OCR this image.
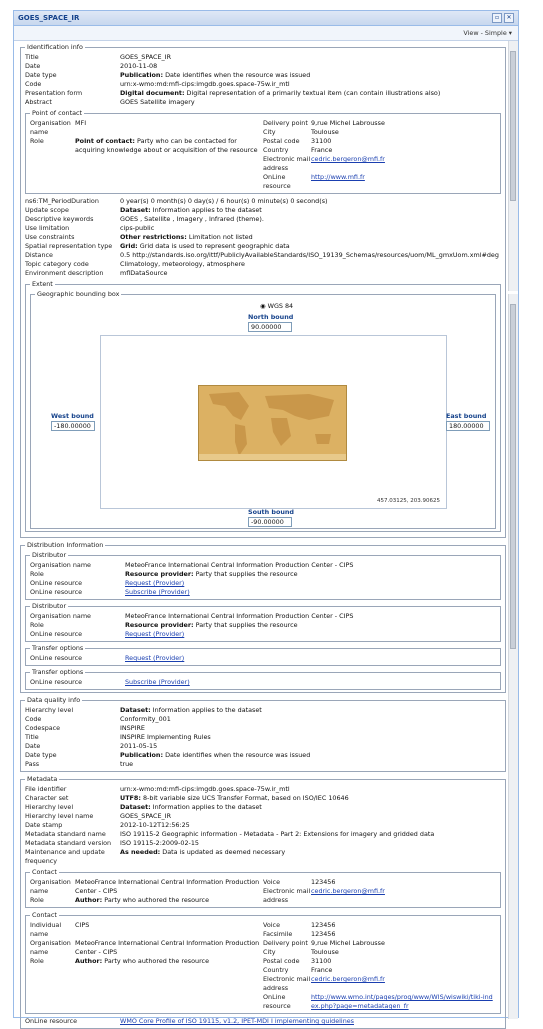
GOES_SPACE_IR	▫	✕
View - Simple ▾
Identification info
Title	GOES_SPACE_IR
Date	2010-11-08
Date type	Publication: Date identifies when the resource was issued
Code	urn:x-wmo:md:mfi-cips:imgdb.goes.space-75w.ir_mtl
Presentation form	Digital document: Digital representation of a primarily textual item (can contain illustrations also)
Abstract	GOES Satellite imagery
Point of contact
Organisation name	MFI
Role	Point of contact: Party who can be contacted for acquiring knowledge about or acquisition of the resource
Delivery point	9,rue Michel Labrousse
City	Toulouse
Postal code	31100
Country	France
Electronic mail address	cedric.bergeron@mfi.fr
OnLine resource	http://www.mfi.fr
ns6:TM_PeriodDuration	0 year(s) 0 month(s) 0 day(s) / 6 hour(s) 0 minute(s) 0 second(s)
Update scope	Dataset: Information applies to the dataset
Descriptive keywords	GOES , Satellite , Imagery , Infrared (theme).
Use limitation	cips-public
Use constraints	Other restrictions: Limitation not listed
Spatial representation type	Grid: Grid data is used to represent geographic data
Distance	0.5 http://standards.iso.org/ittf/PubliclyAvailableStandards/ISO_19139_Schemas/resources/uom/ML_gmxUom.xml#deg
Topic category code	Climatology, meteorology, atmosphere
Environment description	mflDataSource
Extent
Geographic bounding box
◉ WGS 84
North bound
90.00000
457.03125, 203.90625
West bound
-180.00000
East bound
180.00000
South bound
-90.00000
Distribution Information
Distributor
Organisation name	MeteoFrance International Central Information Production Center - CIPS
Role	Resource provider: Party that supplies the resource
OnLine resource	Request (Provider)
OnLine resource	Subscribe (Provider)
Distributor
Organisation name	MeteoFrance International Central Information Production Center - CIPS
Role	Resource provider: Party that supplies the resource
OnLine resource	Request (Provider)
Transfer options
OnLine resource	Request (Provider)
Transfer options
OnLine resource	Subscribe (Provider)
Data quality info
Hierarchy level	Dataset: Information applies to the dataset
Code	Conformity_001
Codespace	INSPIRE
Title	INSPIRE Implementing Rules
Date	2011-05-15
Date type	Publication: Date identifies when the resource was issued
Pass	true
Metadata
File identifier	urn:x-wmo:md:mfi-cips:imgdb.goes.space-75w.ir_mtl
Character set	UTF8: 8-bit variable size UCS Transfer Format, based on ISO/IEC 10646
Hierarchy level	Dataset: Information applies to the dataset
Hierarchy level name	GOES_SPACE_IR
Date stamp	2012-10-12T12:56:25
Metadata standard name	ISO 19115-2 Geographic information - Metadata - Part 2: Extensions for imagery and gridded data
Metadata standard version	ISO 19115-2:2009-02-15
Maintenance and update frequency	As needed: Data is updated as deemed necessary
Contact
Organisation name	MeteoFrance International Central Information Production Center - CIPS
Role	Author: Party who authored the resource
Voice	123456
Electronic mail address	cedric.bergeron@mfi.fr
Contact
Individual name	CIPS
Organisation name	MeteoFrance International Central Information Production Center - CIPS
Role	Author: Party who authored the resource
Voice	123456
Facsimile	123456
Delivery point	9,rue Michel Labrousse
City	Toulouse
Postal code	31100
Country	France
Electronic mail address	cedric.bergeron@mfi.fr
OnLine resource	http://www.wmo.int/pages/prog/www/WIS/wiswiki/tiki-index.php?page=metadatagen_fr
OnLine resource	WMO Core Profile of ISO 19115, v1.2, IPET-MDI I implementing guidelines
